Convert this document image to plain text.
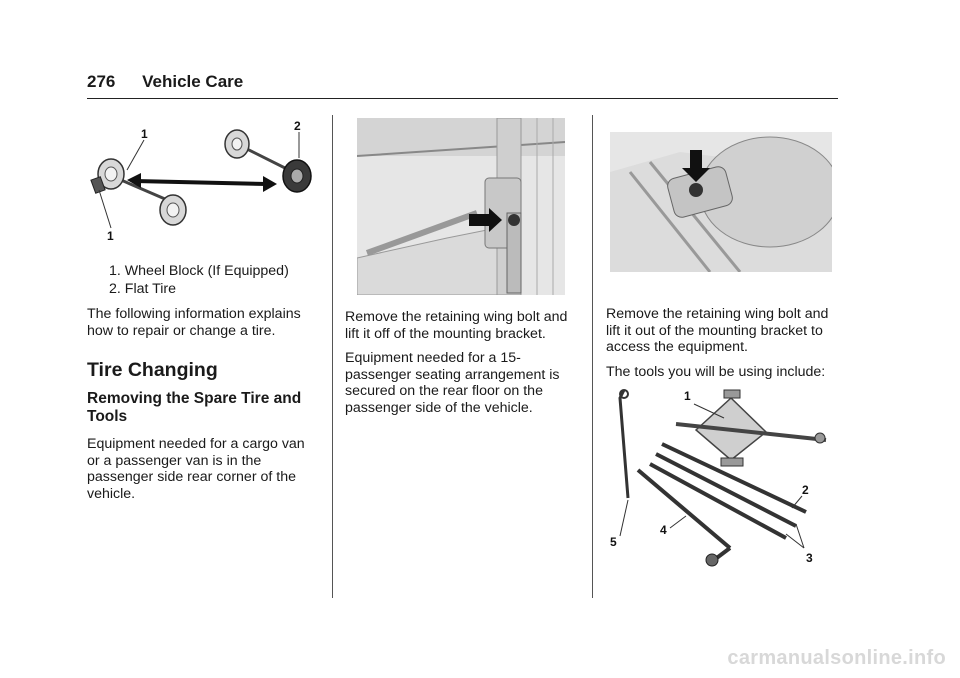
276 Vehicle Care
1
2
1
1. Wheel Block (If Equipped)
2. Flat Tire

The following information explains how to repair or change a tire.

Tire Changing
Removing the Spare Tire and Tools

Equipment needed for a cargo van or a passenger van is in the passenger side rear corner of the vehicle.

Remove the retaining wing bolt and lift it off of the mounting bracket.

Equipment needed for a 15-passenger seating arrangement is secured on the rear floor on the passenger side of the vehicle.

Remove the retaining wing bolt and lift it out of the mounting bracket to access the equipment.

The tools you will be using include:

1
2
3
4
5
carmanualsonline.info
